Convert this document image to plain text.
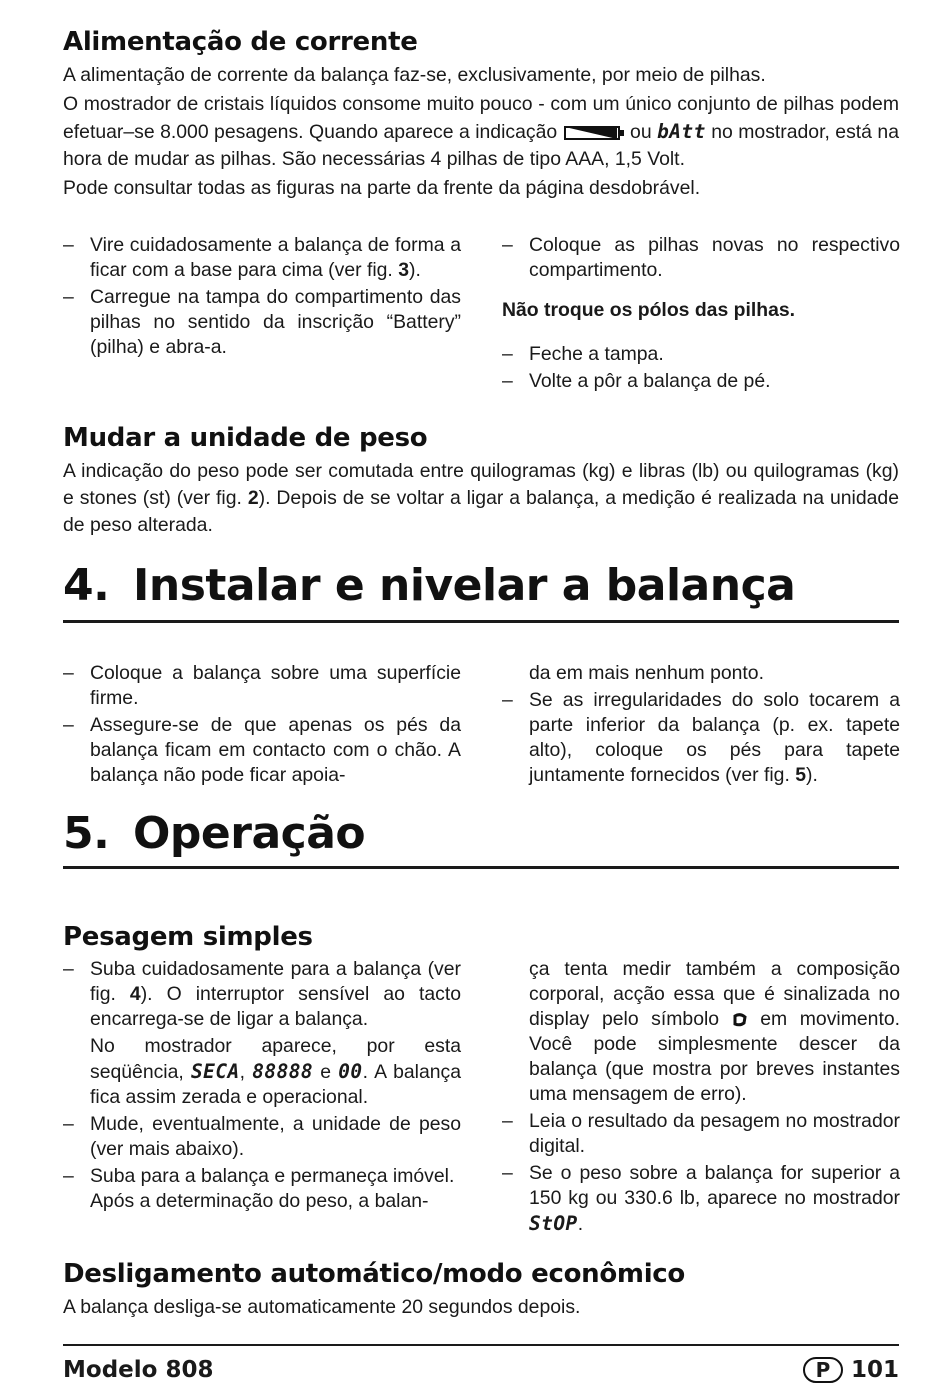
Alimentação de corrente

A alimentação de corrente da balança faz-se, exclusivamente, por meio de pilhas.

O mostrador de cristais líquidos consome muito pouco - com um único conjunto de pilhas podem efetuar–se 8.000 pesagens. Quando aparece a indicação	ou bAtt no mostrador, está na hora de mudar as pilhas. São necessárias 4 pilhas de tipo AAA, 1,5 Volt.

Pode consultar todas as figuras na parte da frente da página desdobrável.

– Vire cuidadosamente a balança de forma a ficar com a base para cima (ver fig. 3).
– Carregue na tampa do compartimento das pilhas no sentido da inscrição “Battery” (pilha) e abra-a.
– Coloque as pilhas novas no respectivo compartimento.
Não troque os pólos das pilhas.
– Feche a tampa.
– Volte a pôr a balança de pé.
Mudar a unidade de peso

A indicação do peso pode ser comutada entre quilogramas (kg) e libras (lb) ou quilogramas (kg) e stones (st) (ver fig. 2). Depois de se voltar a ligar a balança, a medição é realizada na unidade de peso alterada.

4. Instalar e nivelar a balança
– Coloque a balança sobre uma superfície firme.
– Assegure-se de que apenas os pés da balança ficam em contacto com o chão. A balança não pode ficar apoia-
da em mais nenhum ponto.
– Se as irregularidades do solo tocarem a parte inferior da balança (p. ex. tapete alto), coloque os pés para tapete juntamente fornecidos (ver fig. 5).
5. Operação
Pesagem simples
– Suba cuidadosamente para a balança (ver fig. 4). O interruptor sensível ao tacto encarrega-se de ligar a balança.
No mostrador aparece, por esta seqüência, SECA, 88888 e 00. A balança fica assim zerada e operacional.
– Mude, eventualmente, a unidade de peso (ver mais abaixo).
– Suba para a balança e permaneça imóvel.
Após a determinação do peso, a balan-
ça tenta medir também a composição corporal, acção essa que é sinalizada no display pelo símbolo em movimento. Você pode simplesmente descer da balança (que mostra por breves instantes uma mensagem de erro).
– Leia o resultado da pesagem no mostrador digital.
– Se o peso sobre a balança for superior a 150 kg ou 330.6 lb, aparece no mostrador StOP.
Desligamento automático/modo econômico

A balança desliga-se automaticamente 20 segundos depois.

Modelo 808	P 101
